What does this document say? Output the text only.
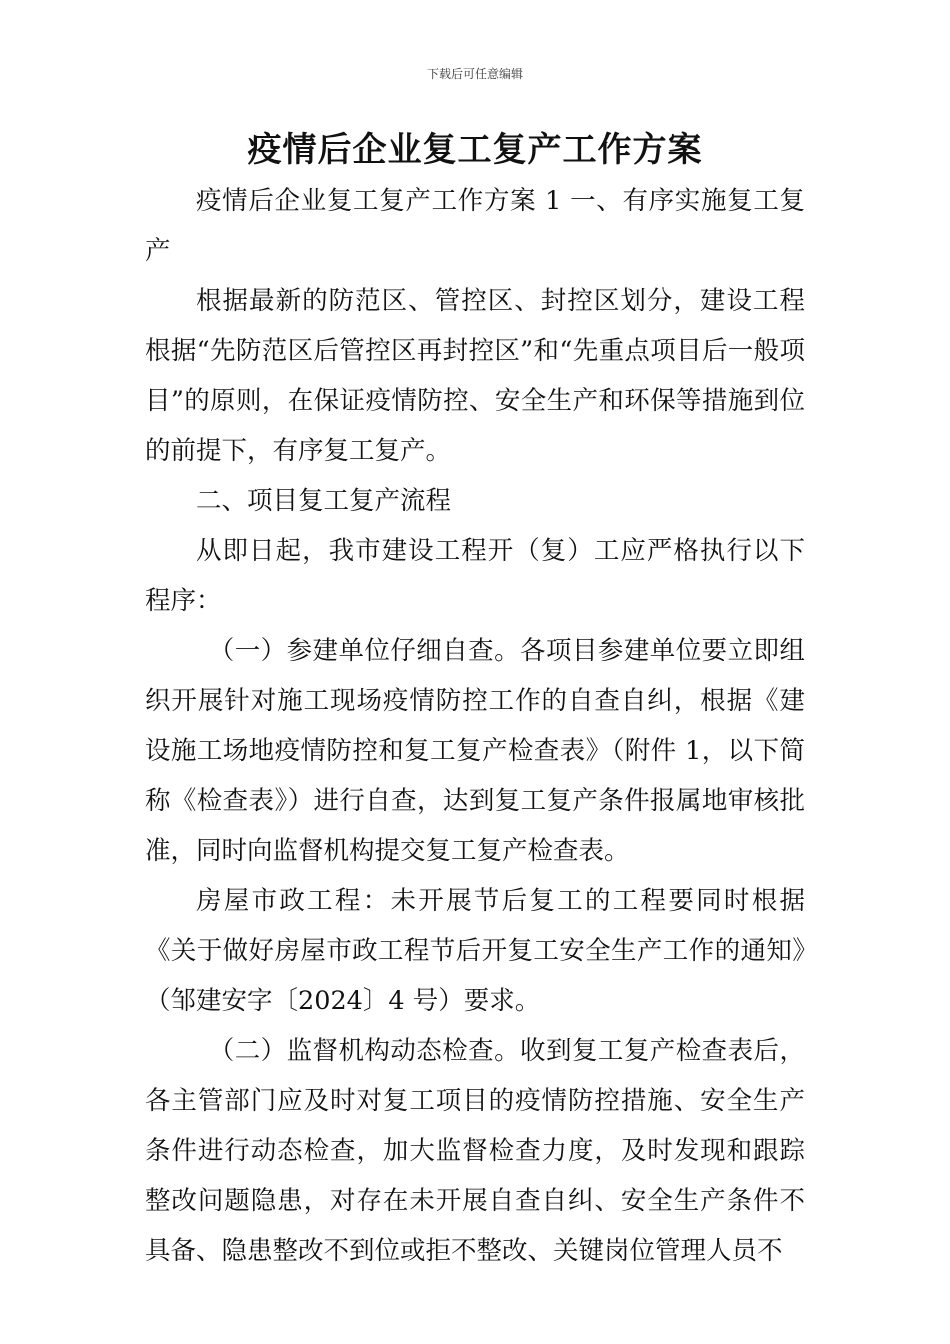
下载后可任意编辑
疫情后企业复工复产工作方案

疫情后企业复工复产工作方案 1 一、有序实施复工复产

根据最新的防范区、管控区、封控区划分，建设工程根据“先防范区后管控区再封控区”和“先重点项目后一般项目”的原则，在保证疫情防控、安全生产和环保等措施到位的前提下，有序复工复产。

二、项目复工复产流程

从即日起，我市建设工程开（复）工应严格执行以下程序：

（一）参建单位仔细自查。各项目参建单位要立即组织开展针对施工现场疫情防控工作的自查自纠，根据《建设施工场地疫情防控和复工复产检查表》（附件 1，以下简称《检查表》）进行自查，达到复工复产条件报属地审核批准，同时向监督机构提交复工复产检查表。

房屋市政工程：未开展节后复工的工程要同时根据《关于做好房屋市政工程节后开复工安全生产工作的通知》（邹建安字〔2024〕4 号）要求。

（二）监督机构动态检查。收到复工复产检查表后，各主管部门应及时对复工项目的疫情防控措施、安全生产条件进行动态检查，加大监督检查力度，及时发现和跟踪整改问题隐患，对存在未开展自查自纠、安全生产条件不具备、隐患整改不到位或拒不整改、关键岗位管理人员不
